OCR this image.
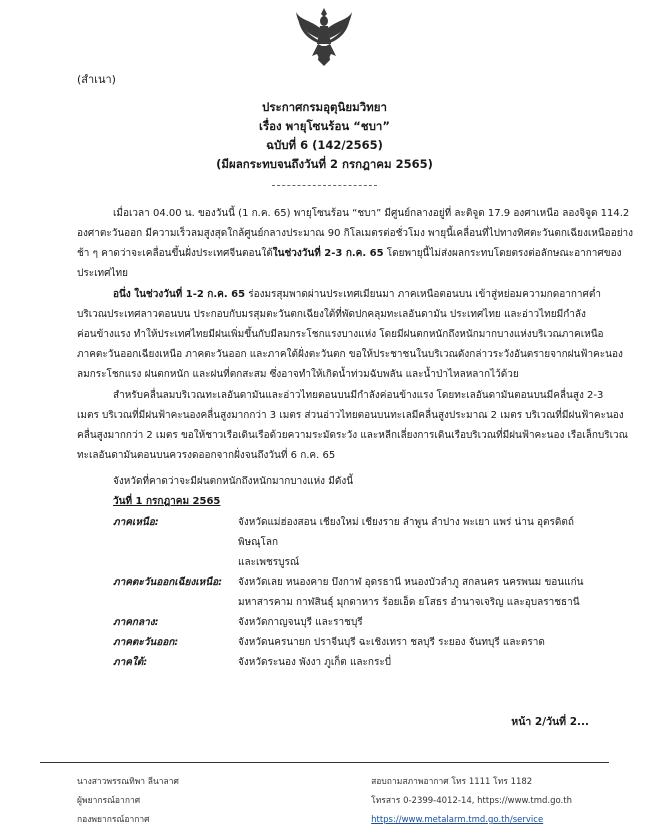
(สำเนา)
ประกาศกรมอุตุนิยมวิทยา
เรื่อง พายุโซนร้อน “ชบา”
ฉบับที่ 6 (142/2565)
(มีผลกระทบจนถึงวันที่ 2 กรกฎาคม 2565)
เมื่อเวลา 04.00 น. ของวันนี้ (1 ก.ค. 65) พายุโซนร้อน “ชบา” มีศูนย์กลางอยู่ที่ ละติจูด 17.9 องศาเหนือ ลองจิจูด 114.2
องศาตะวันออก มีความเร็วลมสูงสุดใกล้ศูนย์กลางประมาณ 90 กิโลเมตรต่อชั่วโมง พายุนี้เคลื่อนที่ไปทางทิศตะวันตกเฉียงเหนืออย่าง
ช้า ๆ คาดว่าจะเคลื่อนขึ้นฝั่งประเทศจีนตอนใต้ในช่วงวันที่ 2-3 ก.ค. 65 โดยพายุนี้ไม่ส่งผลกระทบโดยตรงต่อลักษณะอากาศของ
ประเทศไทย
อนึ่ง ในช่วงวันที่ 1-2 ก.ค. 65 ร่องมรสุมพาดผ่านประเทศเมียนมา ภาคเหนือตอนบน เข้าสู่หย่อมความกดอากาศต่ำ
บริเวณประเทศลาวตอนบน ประกอบกับมรสุมตะวันตกเฉียงใต้ที่พัดปกคลุมทะเลอันดามัน ประเทศไทย และอ่าวไทยมีกำลัง
ค่อนข้างแรง ทำให้ประเทศไทยมีฝนเพิ่มขึ้นกับมีลมกระโชกแรงบางแห่ง โดยมีฝนตกหนักถึงหนักมากบางแห่งบริเวณภาคเหนือ
ภาคตะวันออกเฉียงเหนือ ภาคตะวันออก และภาคใต้ฝั่งตะวันตก ขอให้ประชาชนในบริเวณดังกล่าวระวังอันตรายจากฝนฟ้าคะนอง
ลมกระโชกแรง ฝนตกหนัก และฝนที่ตกสะสม ซึ่งอาจทำให้เกิดน้ำท่วมฉับพลัน และน้ำป่าไหลหลากไว้ด้วย
สำหรับคลื่นลมบริเวณทะเลอันดามันและอ่าวไทยตอนบนมีกำลังค่อนข้างแรง โดยทะเลอันดามันตอนบนมีคลื่นสูง 2-3
เมตร บริเวณที่มีฝนฟ้าคะนองคลื่นสูงมากกว่า 3 เมตร ส่วนอ่าวไทยตอนบนทะเลมีคลื่นสูงประมาณ 2 เมตร บริเวณที่มีฝนฟ้าคะนอง
คลื่นสูงมากกว่า 2 เมตร ขอให้ชาวเรือเดินเรือด้วยความระมัดระวัง และหลีกเลี่ยงการเดินเรือบริเวณที่มีฝนฟ้าคะนอง เรือเล็กบริเวณ
ทะเลอันดามันตอนบนควรงดออกจากฝั่งจนถึงวันที่ 6 ก.ค. 65
จังหวัดที่คาดว่าจะมีฝนตกหนักถึงหนักมากบางแห่ง มีดังนี้
วันที่ 1 กรกฎาคม 2565
ภาคเหนือ:	จังหวัดแม่ฮ่องสอน เชียงใหม่ เชียงราย ลำพูน ลำปาง พะเยา แพร่ น่าน อุตรดิตถ์ พิษณุโลก
และเพชรบูรณ์

ภาคตะวันออกเฉียงเหนือ:	จังหวัดเลย หนองคาย บึงกาฬ อุดรธานี หนองบัวลำภู สกลนคร นครพนม ขอนแก่น
มหาสารคาม กาฬสินธุ์ มุกดาหาร ร้อยเอ็ด ยโสธร อำนาจเจริญ และอุบลราชธานี

ภาคกลาง:	จังหวัดกาญจนบุรี และราชบุรี

ภาคตะวันออก:	จังหวัดนครนายก ปราจีนบุรี ฉะเชิงเทรา ชลบุรี ระยอง จันทบุรี และตราด

ภาคใต้:	จังหวัดระนอง พังงา ภูเก็ต และกระบี่
หน้า 2/วันที่ 2...
นางสาวพรรณทิพา ลีนาลาศ
ผู้พยากรณ์อากาศ
กองพยากรณ์อากาศ
สอบถามสภาพอากาศ โทร 1111 โทร 1182
โทรสาร 0-2399-4012-14, https://www.tmd.go.th
https://www.metalarm.tmd.go.th/service
